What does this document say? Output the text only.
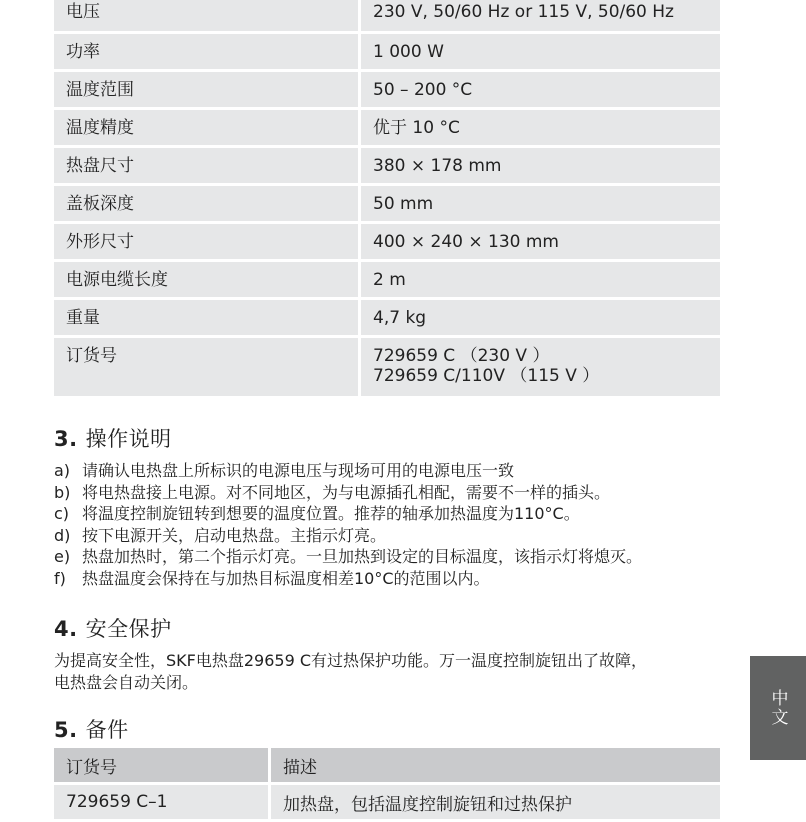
电压	230 V, 50/60 Hz or 115 V, 50/60 Hz

功率	1 000 W

温度范围	50 – 200 °C

温度精度	优于 10 °C

热盘尺寸	380 × 178 mm

盖板深度	50 mm

外形尺寸	400 × 240 × 130 mm

电源电缆长度	2 m

重量	4,7 kg

订货号	729659 C （230 V ）
729659 C/110V （115 V ）
3. 操作说明
a) 请确认电热盘上所标识的电源电压与现场可用的电源电压一致
b) 将电热盘接上电源。对不同地区，为与电源插孔相配，需要不一样的插头。
c) 将温度控制旋钮转到想要的温度位置。推荐的轴承加热温度为110°C。
d) 按下电源开关，启动电热盘。主指示灯亮。
e) 热盘加热时，第二个指示灯亮。一旦加热到设定的目标温度，该指示灯将熄灭。
f)	热盘温度会保持在与加热目标温度相差10°C的范围以内。
4. 安全保护
为提高安全性，SKF电热盘29659 C有过热保护功能。万一温度控制旋钮出了故障，
电热盘会自动关闭。
5. 备件
订货号	描述
729659 C–1	加热盘，包括温度控制旋钮和过热保护
中文
